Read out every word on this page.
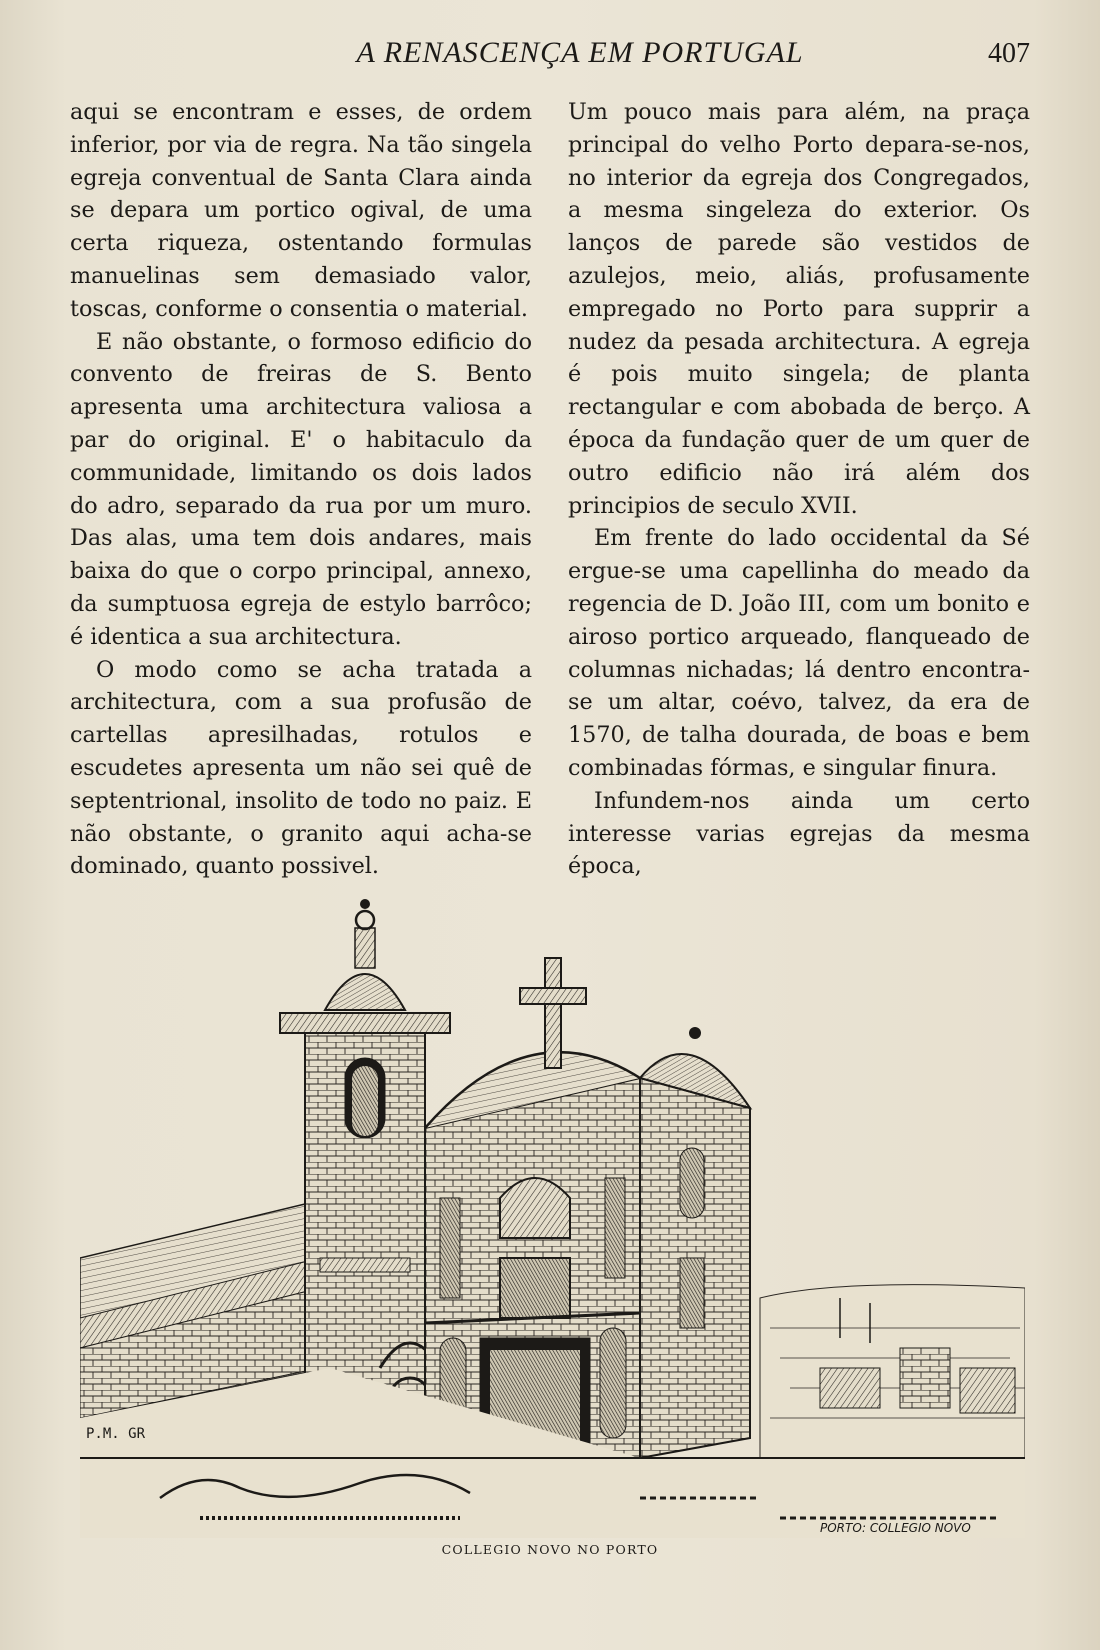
A RENASCENÇA EM PORTUGAL	407

aqui se encontram e esses, de ordem inferior, por via de regra. Na tão singela egreja conventual de Santa Clara ainda se depara um portico ogival, de uma certa riqueza, ostentando formulas manuelinas sem demasiado valor, toscas, conforme o consentia o material.

E não obstante, o formoso edificio do convento de freiras de S. Bento apresenta uma architectura valiosa a par do original. E' o habitaculo da communidade, limitando os dois lados do adro, separado da rua por um muro. Das alas, uma tem dois andares, mais baixa do que o corpo principal, annexo, da sumptuosa egreja de estylo barrôco; é identica a sua architectura.

O modo como se acha tratada a architectura, com a sua profusão de cartellas apresilhadas, rotulos e escudetes apresenta um não sei quê de septentrional, insolito de todo no paiz. E não obstante, o granito aqui acha-se dominado, quanto possivel.

Um pouco mais para além, na praça principal do velho Porto depara-se-nos, no interior da egreja dos Congregados, a mesma singeleza do exterior. Os lanços de parede são vestidos de azulejos, meio, aliás, profusamente empregado no Porto para supprir a nudez da pesada architectura. A egreja é pois muito singela; de planta rectangular e com abobada de berço. A época da fundação quer de um quer de outro edificio não irá além dos principios de seculo XVII.

Em frente do lado occidental da Sé ergue-se uma capellinha do meado da regencia de D. João III, com um bonito e airoso portico arqueado, flanqueado de columnas nichadas; lá dentro encontra-se um altar, coévo, talvez, da era de 1570, de talha dourada, de boas e bem combinadas fórmas, e singular finura.

Infundem-nos ainda um certo interesse varias egrejas da mesma época,

P.M. GR
PORTO: COLLEGIO NOVO
COLLEGIO NOVO NO PORTO
